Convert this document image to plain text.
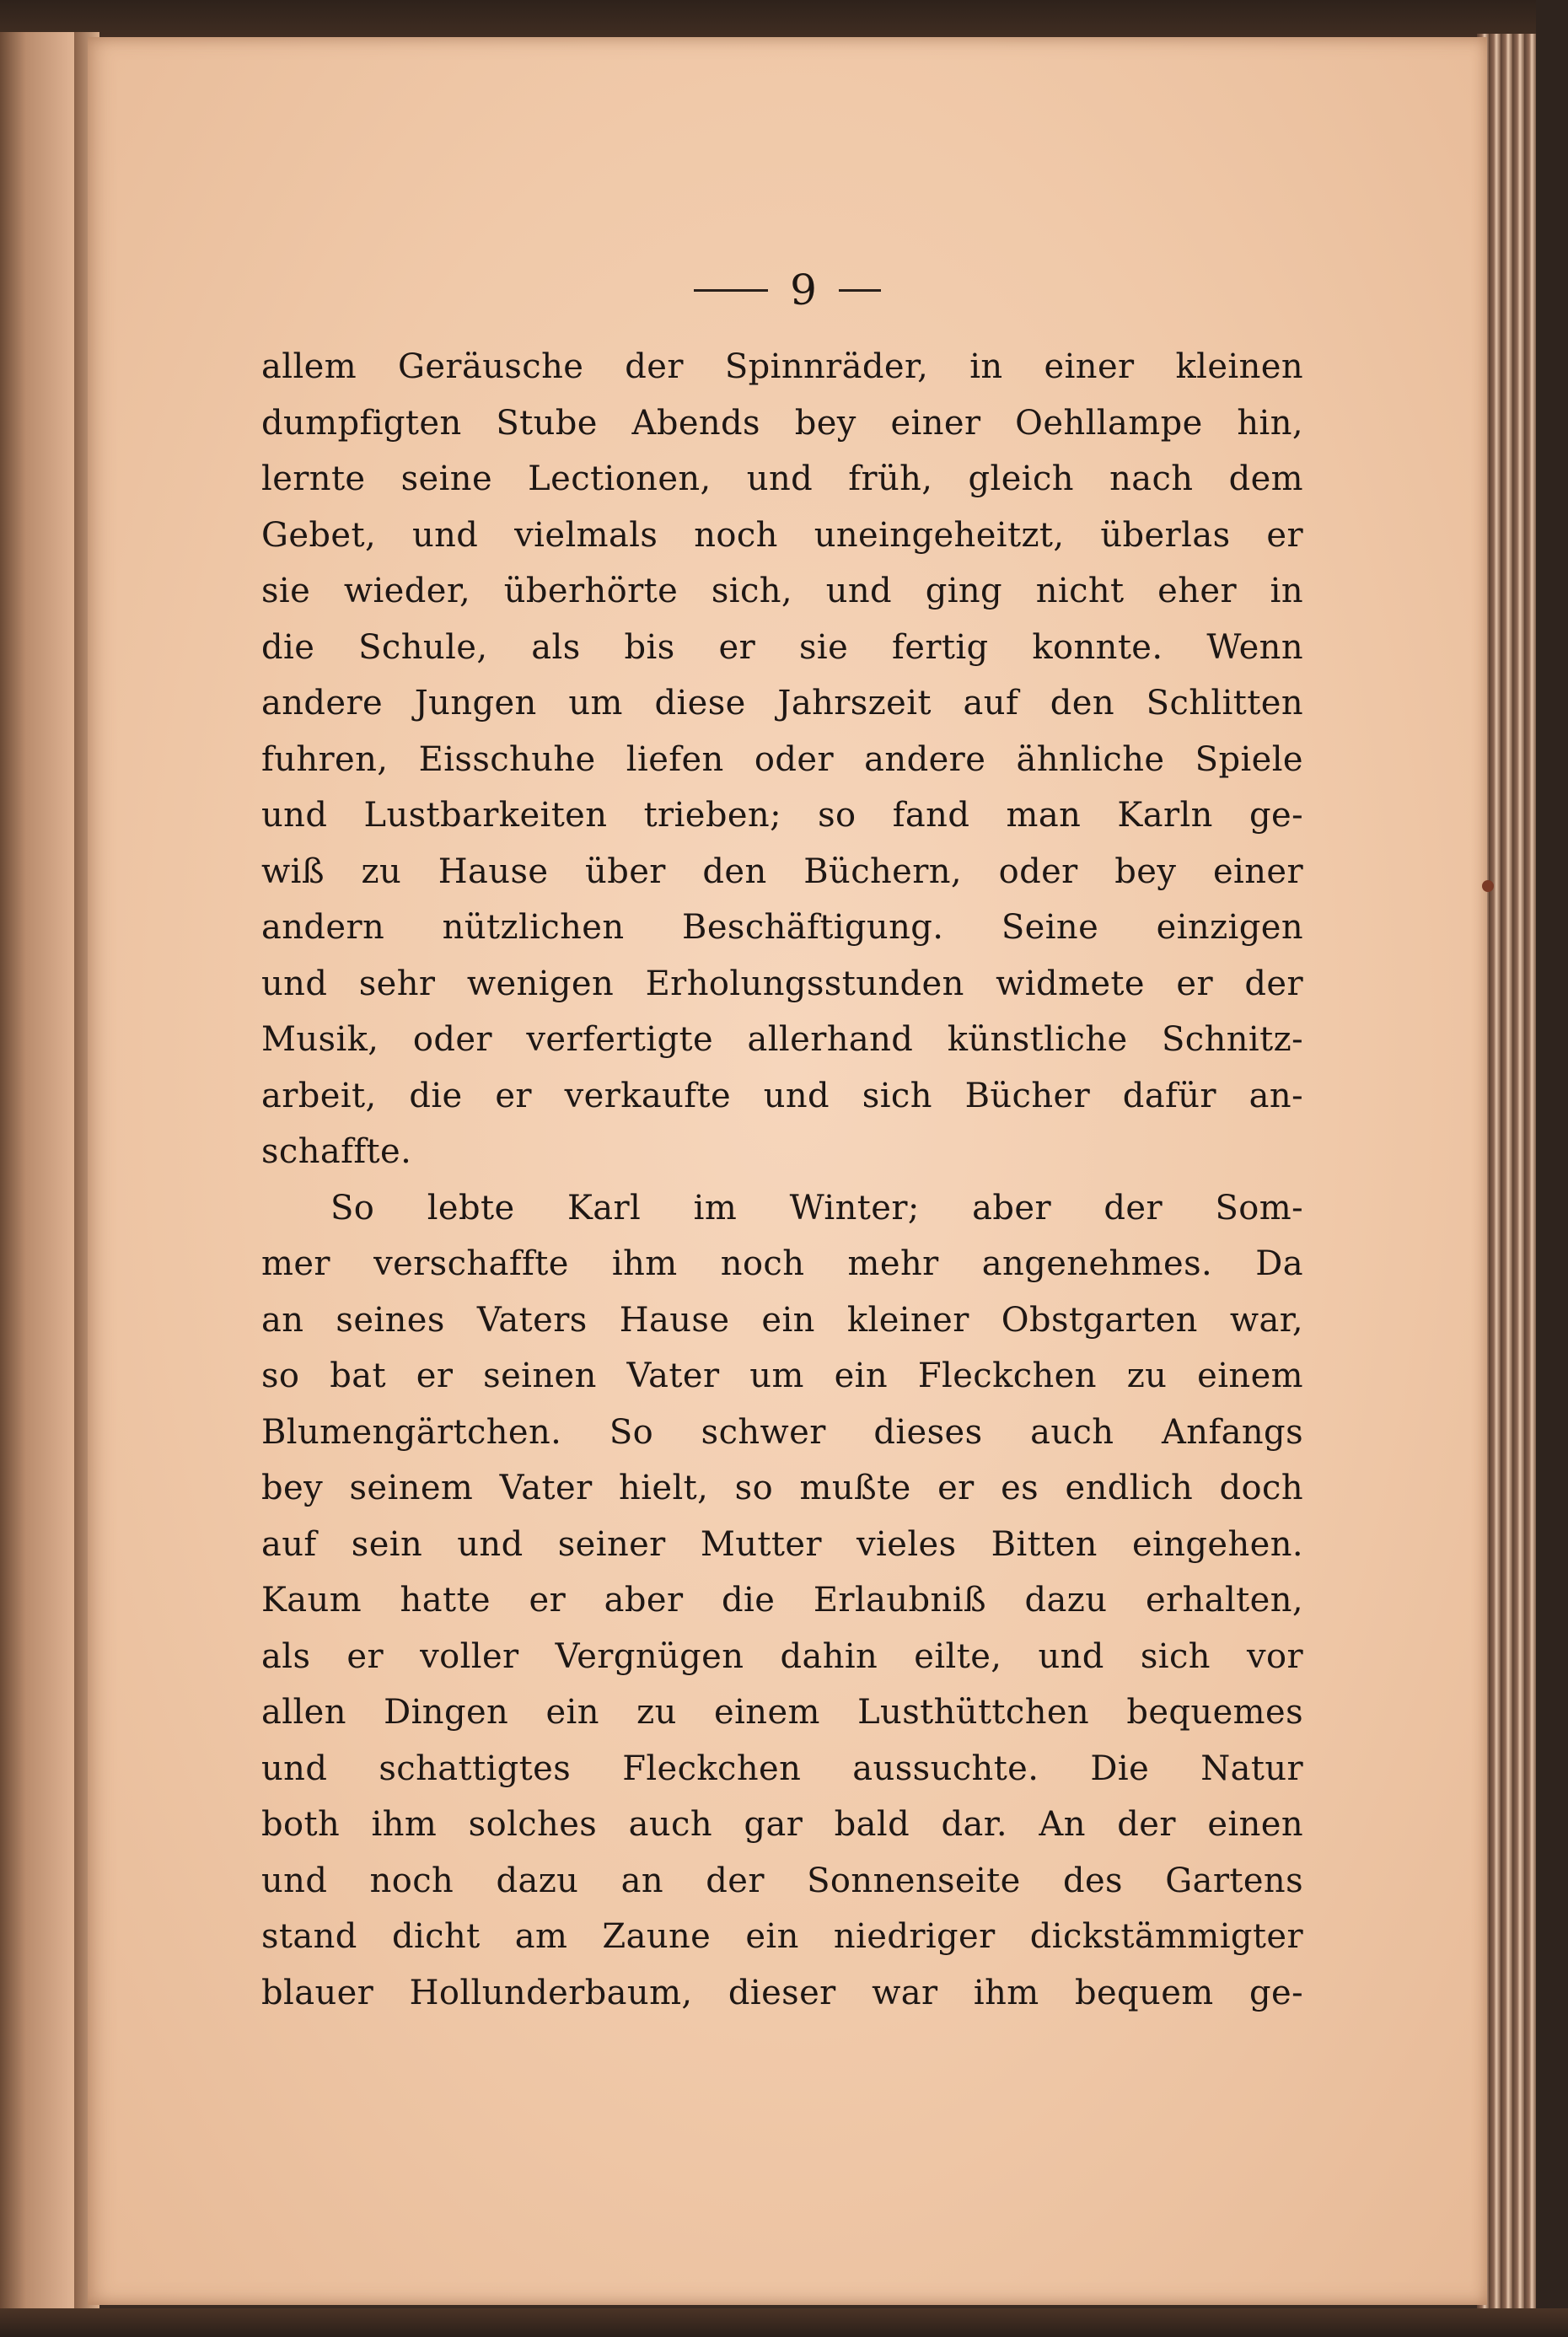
9
allem Geräusche der Spinnräder, in einer kleinen
dumpfigten Stube Abends bey einer Oehllampe hin,
lernte seine Lectionen, und früh, gleich nach dem
Gebet, und vielmals noch uneingeheitzt, überlas er
sie wieder, überhörte sich, und ging nicht eher in
die Schule, als bis er sie fertig konnte. Wenn
andere Jungen um diese Jahrszeit auf den Schlitten
fuhren, Eisschuhe liefen oder andere ähnliche Spiele
und Lustbarkeiten trieben; so fand man Karln ge-
wiß zu Hause über den Büchern, oder bey einer
andern nützlichen Beschäftigung. Seine einzigen
und sehr wenigen Erholungsstunden widmete er der
Musik, oder verfertigte allerhand künstliche Schnitz-
arbeit, die er verkaufte und sich Bücher dafür an-
schaffte.
So lebte Karl im Winter; aber der Som-
mer verschaffte ihm noch mehr angenehmes. Da
an seines Vaters Hause ein kleiner Obstgarten war,
so bat er seinen Vater um ein Fleckchen zu einem
Blumengärtchen. So schwer dieses auch Anfangs
bey seinem Vater hielt, so mußte er es endlich doch
auf sein und seiner Mutter vieles Bitten eingehen.
Kaum hatte er aber die Erlaubniß dazu erhalten,
als er voller Vergnügen dahin eilte, und sich vor
allen Dingen ein zu einem Lusthüttchen bequemes
und schattigtes Fleckchen aussuchte. Die Natur
both ihm solches auch gar bald dar. An der einen
und noch dazu an der Sonnenseite des Gartens
stand dicht am Zaune ein niedriger dickstämmigter
blauer Hollunderbaum, dieser war ihm bequem ge-
